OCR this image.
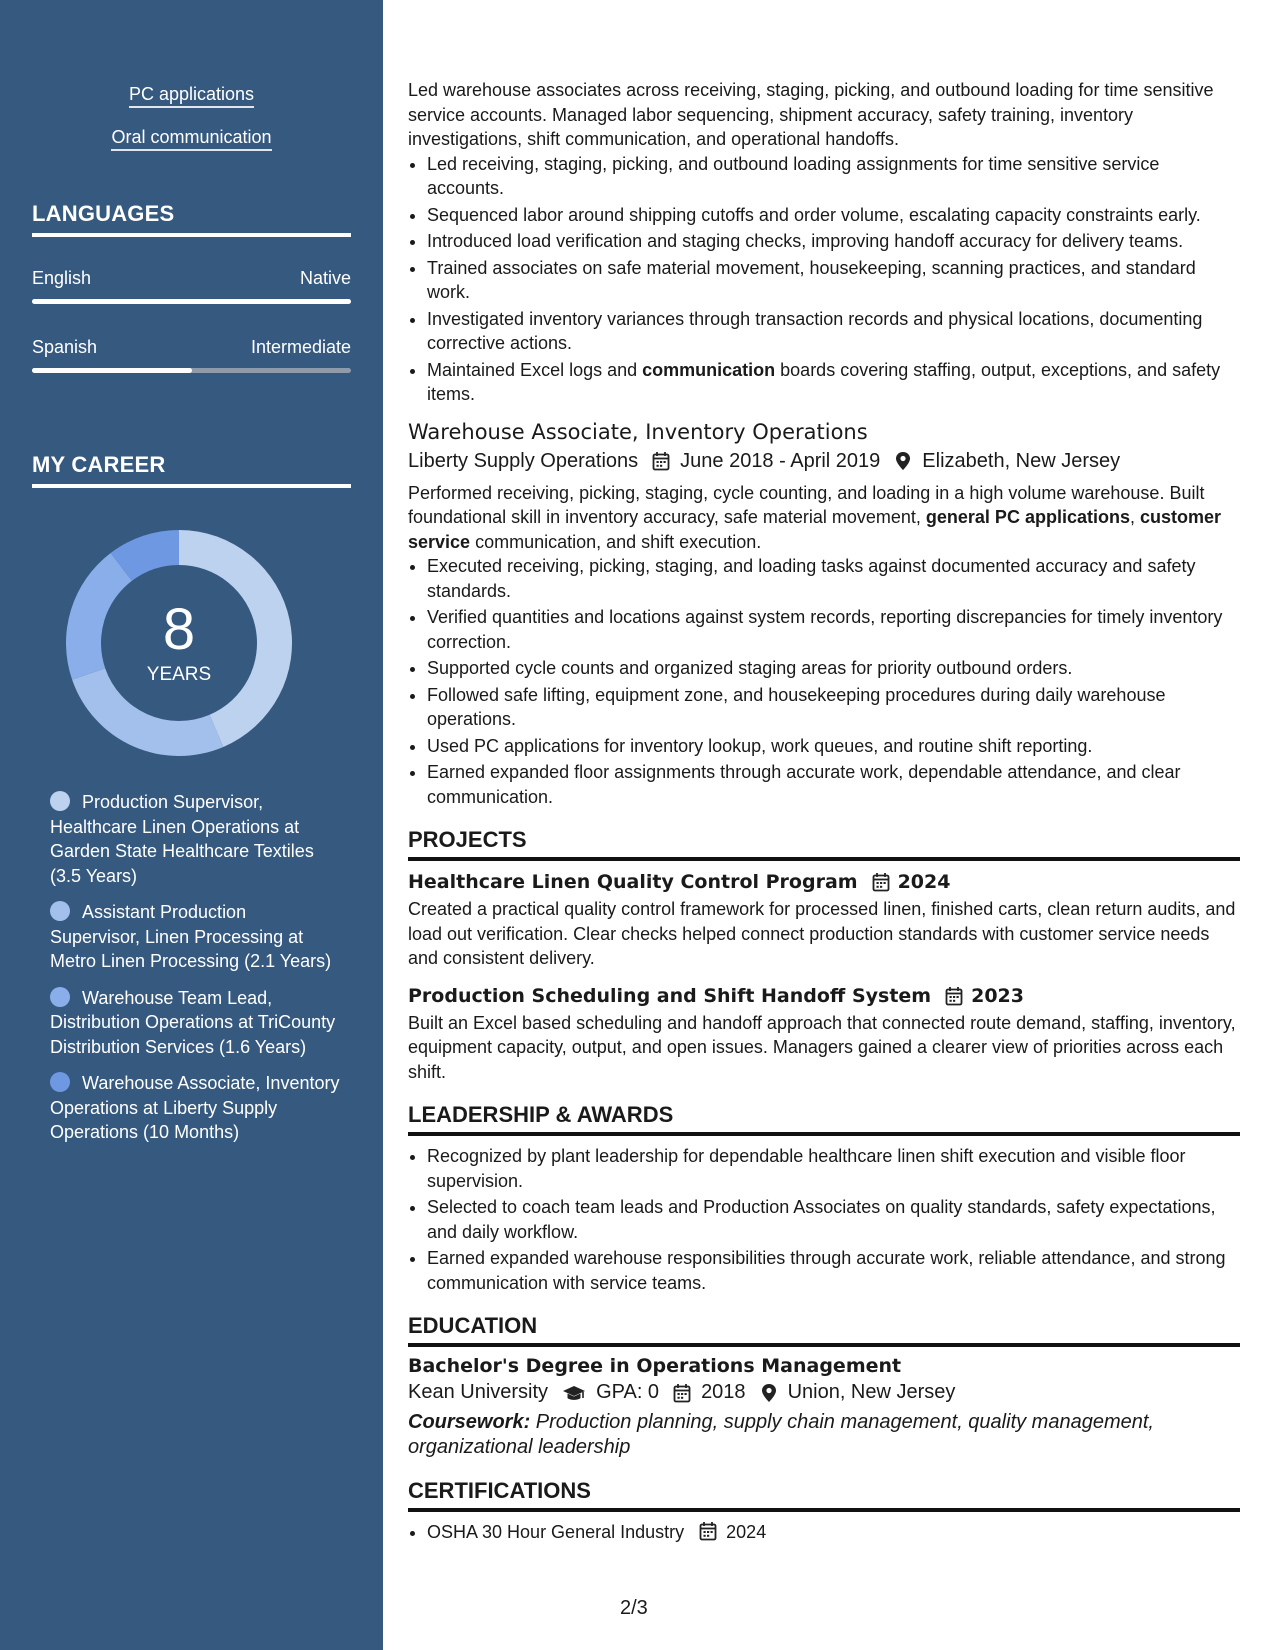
PC applications
Oral communication
LANGUAGES
English	Native
Spanish	Intermediate
MY CAREER
8
YEARS
Production Supervisor, Healthcare Linen Operations at Garden State Healthcare Textiles (3.5 Years)
Assistant Production Supervisor, Linen Processing at Metro Linen Processing (2.1 Years)
Warehouse Team Lead, Distribution Operations at TriCounty Distribution Services (1.6 Years)
Warehouse Associate, Inventory Operations at Liberty Supply Operations (10 Months)

Led warehouse associates across receiving, staging, picking, and outbound loading for time sensitive service accounts. Managed labor sequencing, shipment accuracy, safety training, inventory investigations, shift communication, and operational handoffs.

• Led receiving, staging, picking, and outbound loading assignments for time sensitive service accounts.
• Sequenced labor around shipping cutoffs and order volume, escalating capacity constraints early.
• Introduced load verification and staging checks, improving handoff accuracy for delivery teams.
• Trained associates on safe material movement, housekeeping, scanning practices, and standard work.
• Investigated inventory variances through transaction records and physical locations, documenting corrective actions.
• Maintained Excel logs and communication boards covering staffing, output, exceptions, and safety items.
Warehouse Associate, Inventory Operations
Liberty Supply Operations June 2018 - April 2019 Elizabeth, New Jersey

Performed receiving, picking, staging, cycle counting, and loading in a high volume warehouse. Built foundational skill in inventory accuracy, safe material movement, general PC applications, customer service communication, and shift execution.

• Executed receiving, picking, staging, and loading tasks against documented accuracy and safety standards.
• Verified quantities and locations against system records, reporting discrepancies for timely inventory correction.
• Supported cycle counts and organized staging areas for priority outbound orders.
• Followed safe lifting, equipment zone, and housekeeping procedures during daily warehouse operations.
• Used PC applications for inventory lookup, work queues, and routine shift reporting.
• Earned expanded floor assignments through accurate work, dependable attendance, and clear communication.
PROJECTS
Healthcare Linen Quality Control Program 2024

Created a practical quality control framework for processed linen, finished carts, clean return audits, and load out verification. Clear checks helped connect production standards with customer service needs and consistent delivery.

Production Scheduling and Shift Handoff System 2023

Built an Excel based scheduling and handoff approach that connected route demand, staffing, inventory, equipment capacity, output, and open issues. Managers gained a clearer view of priorities across each shift.

LEADERSHIP & AWARDS
• Recognized by plant leadership for dependable healthcare linen shift execution and visible floor supervision.
• Selected to coach team leads and Production Associates on quality standards, safety expectations, and daily workflow.
• Earned expanded warehouse responsibilities through accurate work, reliable attendance, and strong communication with service teams.
EDUCATION
Bachelor's Degree in Operations Management
Kean University GPA: 0 2018 Union, New Jersey

Coursework: Production planning, supply chain management, quality management, organizational leadership

CERTIFICATIONS
• OSHA 30 Hour General Industry 2024
2/3
